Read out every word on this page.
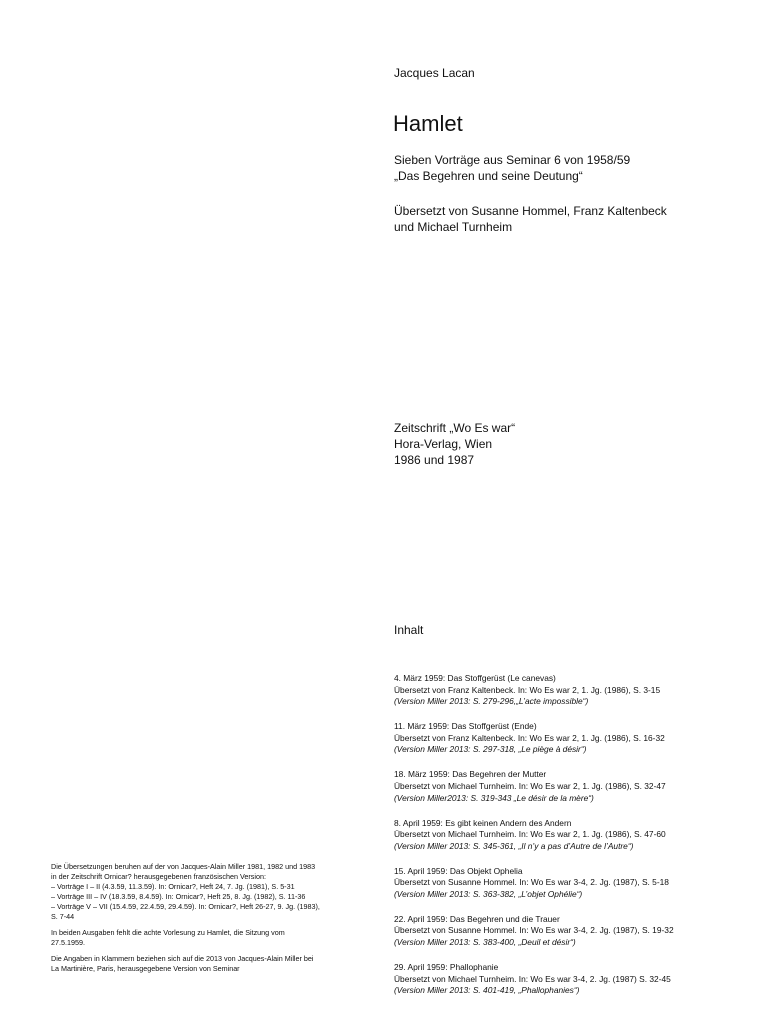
Jacques Lacan
Hamlet
Sieben Vorträge aus Seminar 6 von 1958/59
„Das Begehren und seine Deutung“
Übersetzt von Susanne Hommel, Franz Kaltenbeck
und Michael Turnheim
Zeitschrift „Wo Es war“
Hora-Verlag, Wien
1986 und 1987
Inhalt
4. März 1959: Das Stoffgerüst (Le canevas)
Übersetzt von Franz Kaltenbeck. In: Wo Es war 2, 1. Jg. (1986), S. 3-15
(Version Miller 2013: S. 279-296,„L’acte impossible“)
11. März 1959: Das Stoffgerüst (Ende)
Übersetzt von Franz Kaltenbeck. In: Wo Es war 2, 1. Jg. (1986), S. 16-32
(Version Miller 2013: S. 297-318, „Le piège à désir“)
18. März 1959: Das Begehren der Mutter
Übersetzt von Michael Turnheim. In: Wo Es war 2, 1. Jg. (1986), S. 32-47
(Version Miller2013: S. 319-343 „Le désir de la mère“)
8. April 1959: Es gibt keinen Andern des Andern
Übersetzt von Michael Turnheim. In: Wo Es war 2, 1. Jg. (1986), S. 47-60
(Version Miller 2013: S. 345-361, „Il n’y a pas d’Autre de l’Autre“)
15. April 1959: Das Objekt Ophelia
Übersetzt von Susanne Hommel. In: Wo Es war 3-4, 2. Jg. (1987), S. 5-18
(Version Miller 2013: S. 363-382, „L’objet Ophélie“)
22. April 1959: Das Begehren und die Trauer
Übersetzt von Susanne Hommel. In: Wo Es war 3-4, 2. Jg. (1987), S. 19-32
(Version Miller 2013: S. 383-400, „Deuil et désir“)
29. April 1959: Phallophanie
Übersetzt von Michael Turnheim. In: Wo Es war 3-4, 2. Jg. (1987) S. 32-45
(Version Miller 2013: S. 401-419, „Phallophanies“)

Die Übersetzungen beruhen auf der von Jacques-Alain Miller 1981, 1982 und 1983
in der Zeitschrift Ornicar? herausgegebenen französischen Version:
– Vorträge I – II (4.3.59, 11.3.59). In: Ornicar?, Heft 24, 7. Jg. (1981), S. 5-31
– Vorträge III – IV (18.3.59, 8.4.59). In: Ornicar?, Heft 25, 8. Jg. (1982), S. 11-36
– Vorträge V – VII (15.4.59, 22.4.59, 29.4.59). In: Ornicar?, Heft 26-27, 9. Jg. (1983),
S. 7-44

In beiden Ausgaben fehlt die achte Vorlesung zu Hamlet, die Sitzung vom
27.5.1959.

Die Angaben in Klammern beziehen sich auf die 2013 von Jacques-Alain Miller bei
La Martinière, Paris, herausgegebene Version von Seminar
